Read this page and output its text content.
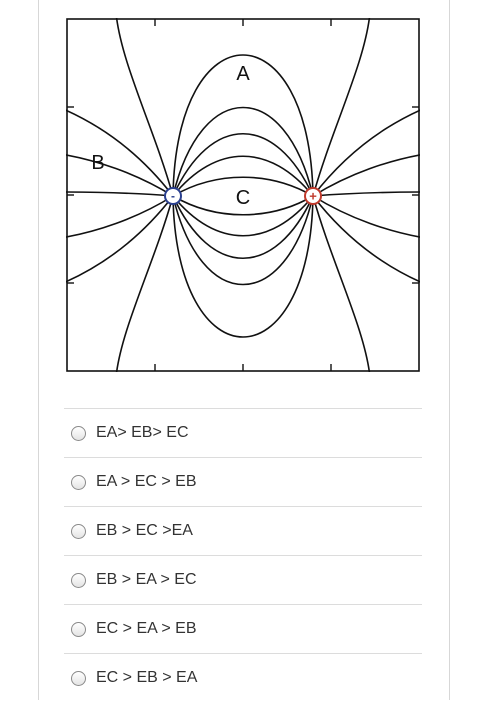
A
B
C
-	+
EA> EB> EC
EA > EC > EB
EB > EC >EA
EB > EA > EC
EC > EA > EB
EC > EB > EA
